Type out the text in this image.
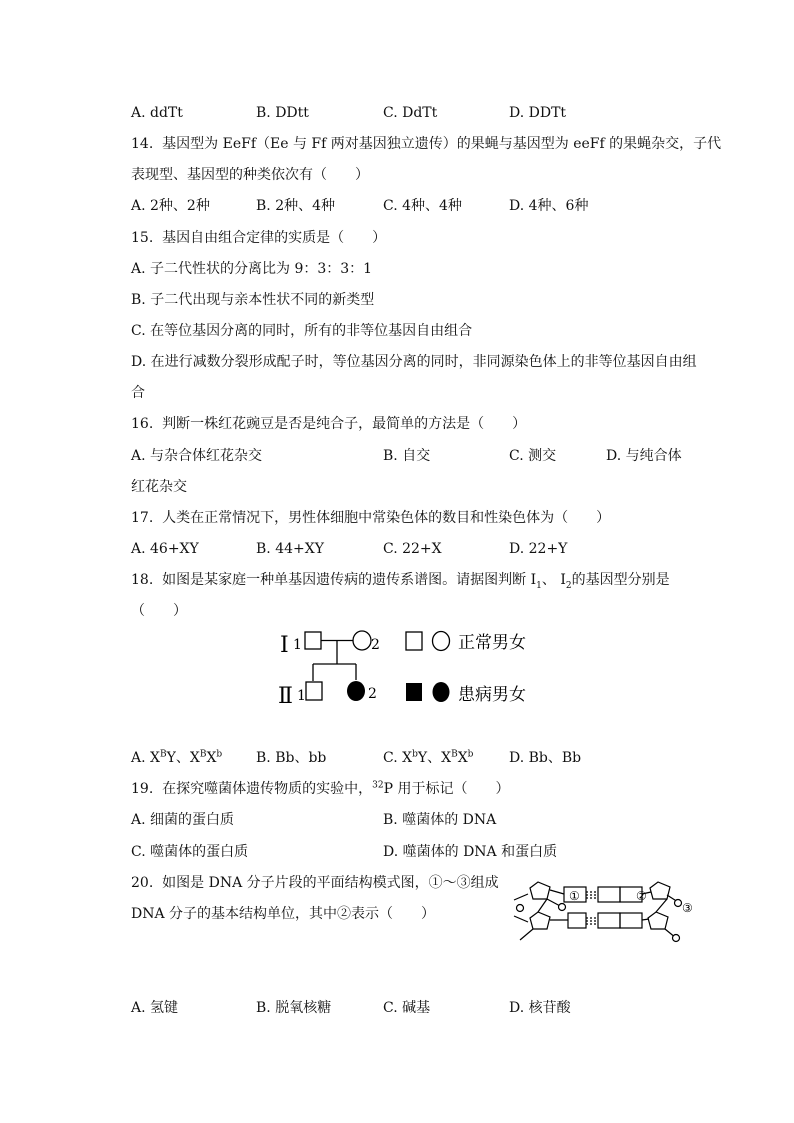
A. ddTt	B. DDtt	C. DdTt	D. DDTt
14.  基因型为 EeFf（Ee 与 Ff 两对基因独立遗传）的果蝇与基因型为 eeFf 的果蝇杂交，子代
表现型、基因型的种类依次有（　　）
A. 2种、2种	B. 2种、4种	C. 4种、4种	D. 4种、6种
15.  基因自由组合定律的实质是（　　）
A. 子二代性状的分离比为 9：3：3：1
B. 子二代出现与亲本性状不同的新类型
C. 在等位基因分离的同时，所有的非等位基因自由组合
D. 在进行减数分裂形成配子时，等位基因分离的同时，非同源染色体上的非等位基因自由组
合
16.  判断一株红花豌豆是否是纯合子，最简单的方法是（　　）
A. 与杂合体红花杂交	B. 自交	C. 测交	D. 与纯合体
红花杂交
17.  人类在正常情况下，男性体细胞中常染色体的数目和性染色体为（　　）
A. 46+XY	B. 44+XY	C. 22+X	D. 22+Y
18.  如图是某家庭一种单基因遗传病的遗传系谱图。请据图判断 $Ⅰ_1$、 $Ⅰ_2$的基因型分别是
（　　）
Ⅰ 1	2
Ⅱ 1	2
正常男女
患病男女
A. $X^BY$、$X^BX^b$ B. Bb、bb	C. $X^bY$、$X^BX^b$	D. Bb、Bb
19.  在探究噬菌体遗传物质的实验中，$^{32}$P 用于标记（　　）
A. 细菌的蛋白质	B. 噬菌体的 DNA
C. 噬菌体的蛋白质	D. 噬菌体的 DNA 和蛋白质
20.  如图是 DNA 分子片段的平面结构模式图，①～③组成
DNA 分子的基本结构单位，其中②表示（　　）
①	②
③
A. 氢键	B. 脱氧核糖	C. 碱基	D. 核苷酸
